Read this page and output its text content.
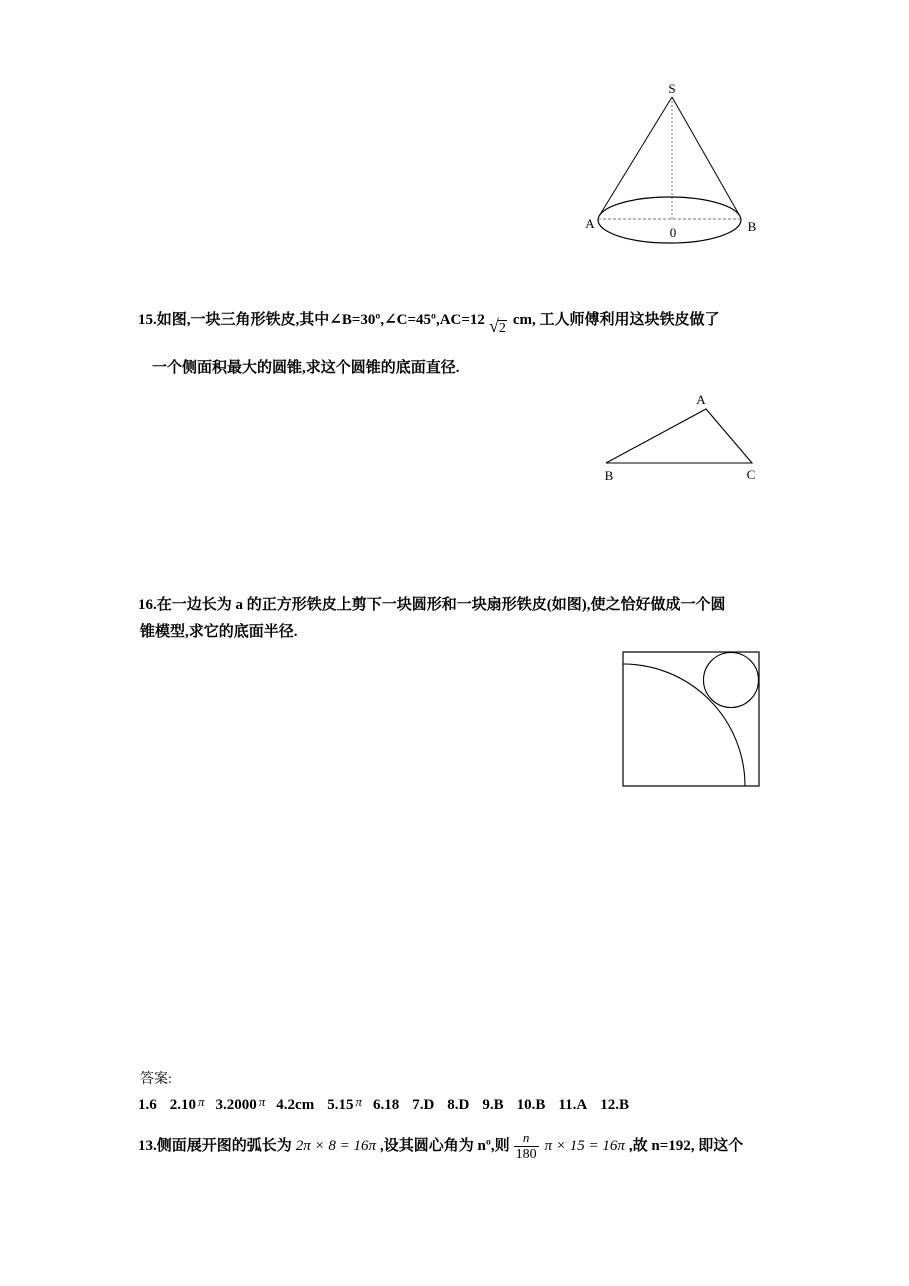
S
A	B
0
15.如图,一块三角形铁皮,其中∠B=30º,∠C=45º,AC=12 √2cm, 工人师傅利用这块铁皮做了
一个侧面积最大的圆锥,求这个圆锥的底面直径.
A
B	C
16.在一边长为 a 的正方形铁皮上剪下一块圆形和一块扇形铁皮(如图),使之恰好做成一个圆
锥模型,求它的底面半径.
答案:
1.6 2.10 π 3.2000 π 4.2cm 5.15 π 6.18 7.D 8.D 9.B 10.B 11.A 12.B
13.侧面展开图的弧长为 2π × 8 = 16π ,设其圆心角为 nº,则 $\frac{n}{180}$ π × 15 = 16π ,故 n=192, 即这个
